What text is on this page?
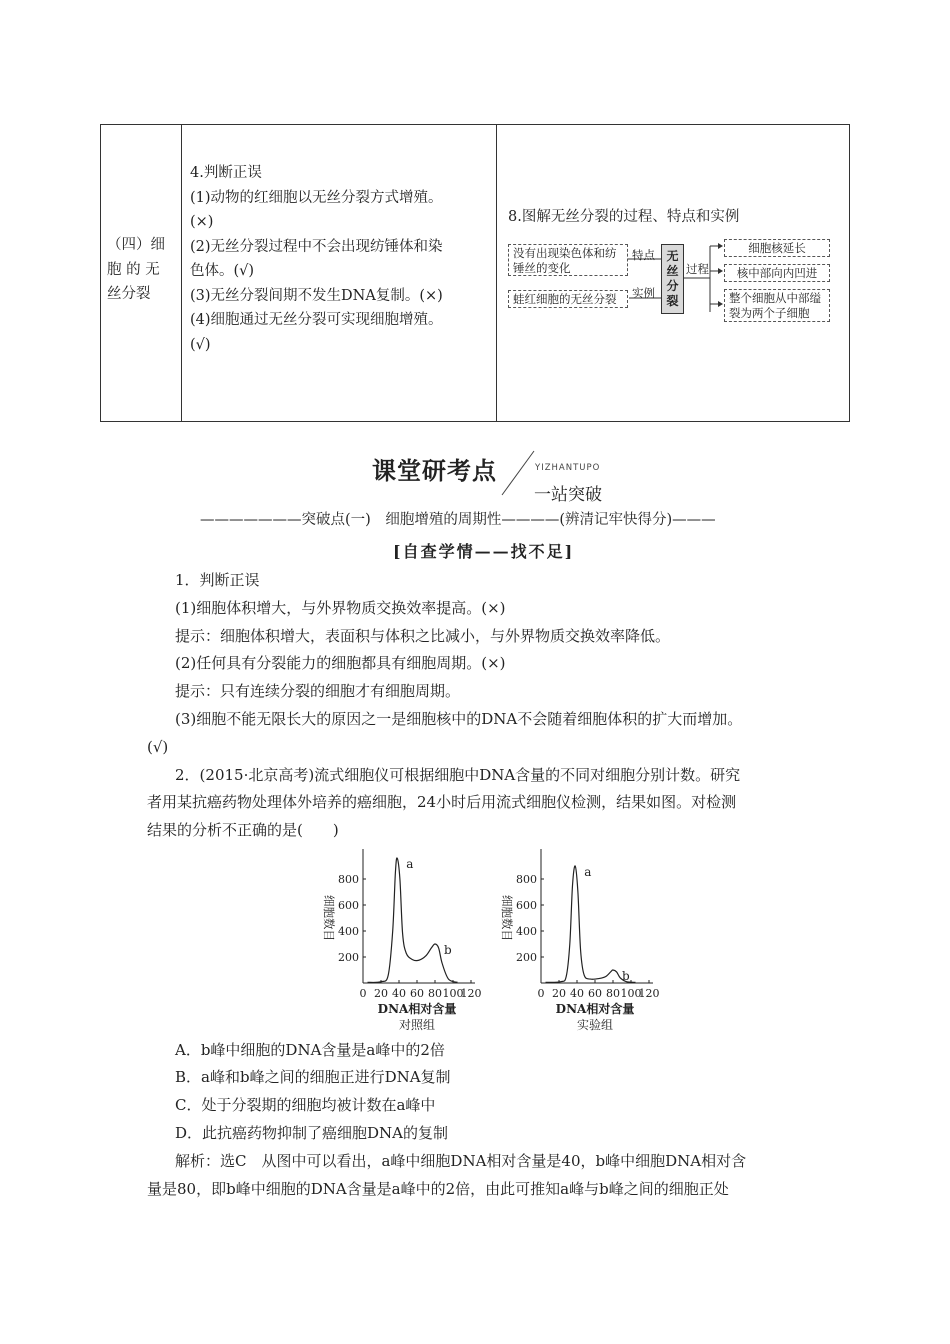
（四）细
胞 的 无
丝分裂
4.判断正误
(1)动物的红细胞以无丝分裂方式增殖。
(×)
(2)无丝分裂过程中不会出现纺锤体和染
色体。(√)
(3)无丝分裂间期不发生DNA复制。(×)
(4)细胞通过无丝分裂可实现细胞增殖。
(√)
8.图解无丝分裂的过程、特点和实例
没有出现染色体和纺
锤丝的变化
特点
蛙红细胞的无丝分裂	实例
无
丝
分
裂
过程
细胞核延长
核中部向内凹进
整个细胞从中部缢
裂为两个子细胞
课堂研考点	YIZHANTUPO
一站突破
———————突破点(一)　细胞增殖的周期性————(辨清记牢快得分)———
[自查学情——找不足]
1．判断正误
(1)细胞体积增大，与外界物质交换效率提高。(×)
提示：细胞体积增大，表面积与体积之比减小，与外界物质交换效率降低。
(2)任何具有分裂能力的细胞都具有细胞周期。(×)
提示：只有连续分裂的细胞才有细胞周期。
(3)细胞不能无限长大的原因之一是细胞核中的DNA不会随着细胞体积的扩大而增加。
(√)
2．(2015·北京高考)流式细胞仪可根据细胞中DNA含量的不同对细胞分别计数。研究
者用某抗癌药物处理体外培养的癌细胞，24小时后用流式细胞仪检测，结果如图。对检测
结果的分析不正确的是(　　)
200
400
600
800
0 20 40 60 80 100
120
细胞数目
DNA相对含量
对照组
a
b
200
400
600
800
0 20 40 60 80 100
120
细胞数目
DNA相对含量
实验组
a
b
A．b峰中细胞的DNA含量是a峰中的2倍
B．a峰和b峰之间的细胞正进行DNA复制
C．处于分裂期的细胞均被计数在a峰中
D．此抗癌药物抑制了癌细胞DNA的复制
解析：选C　从图中可以看出，a峰中细胞DNA相对含量是40，b峰中细胞DNA相对含
量是80，即b峰中细胞的DNA含量是a峰中的2倍，由此可推知a峰与b峰之间的细胞正处
